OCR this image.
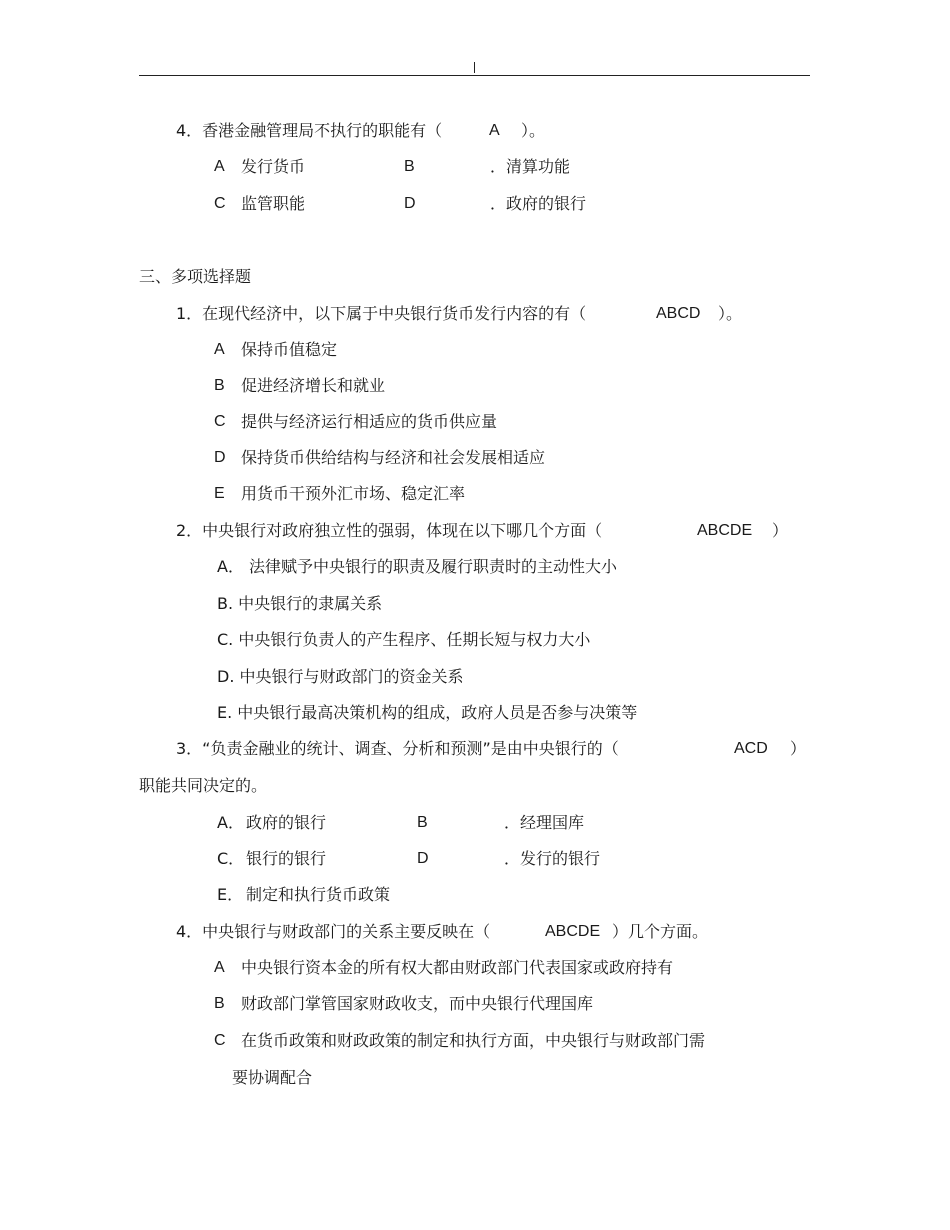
4．香港金融管理局不执行的职能有（	A ）。
A 发行货币	B	．清算功能
C 监管职能	D	．政府的银行
三、多项选择题
1．在现代经济中，以下属于中央银行货币发行内容的有（	ABCD ）。
A 保持币值稳定
B 促进经济增长和就业
C 提供与经济运行相适应的货币供应量
D 保持货币供给结构与经济和社会发展相适应
E 用货币干预外汇市场、稳定汇率
2．中央银行对政府独立性的强弱，体现在以下哪几个方面（	ABCDE ）
A． 法律赋予中央银行的职责及履行职责时的主动性大小
B. 中央银行的隶属关系
C. 中央银行负责人的产生程序、任期长短与权力大小
D. 中央银行与财政部门的资金关系
E. 中央银行最高决策机构的组成，政府人员是否参与决策等
3．“负责金融业的统计、调查、分析和预测”是由中央银行的（	ACD ）
职能共同决定的。
A． 政府的银行	B	．经理国库
C． 银行的银行	D	．发行的银行
E． 制定和执行货币政策
4．中央银行与财政部门的关系主要反映在（	ABCDE ）几个方面。
A 中央银行资本金的所有权大都由财政部门代表国家或政府持有
B 财政部门掌管国家财政收支，而中央银行代理国库
C 在货币政策和财政政策的制定和执行方面，中央银行与财政部门需
要协调配合
